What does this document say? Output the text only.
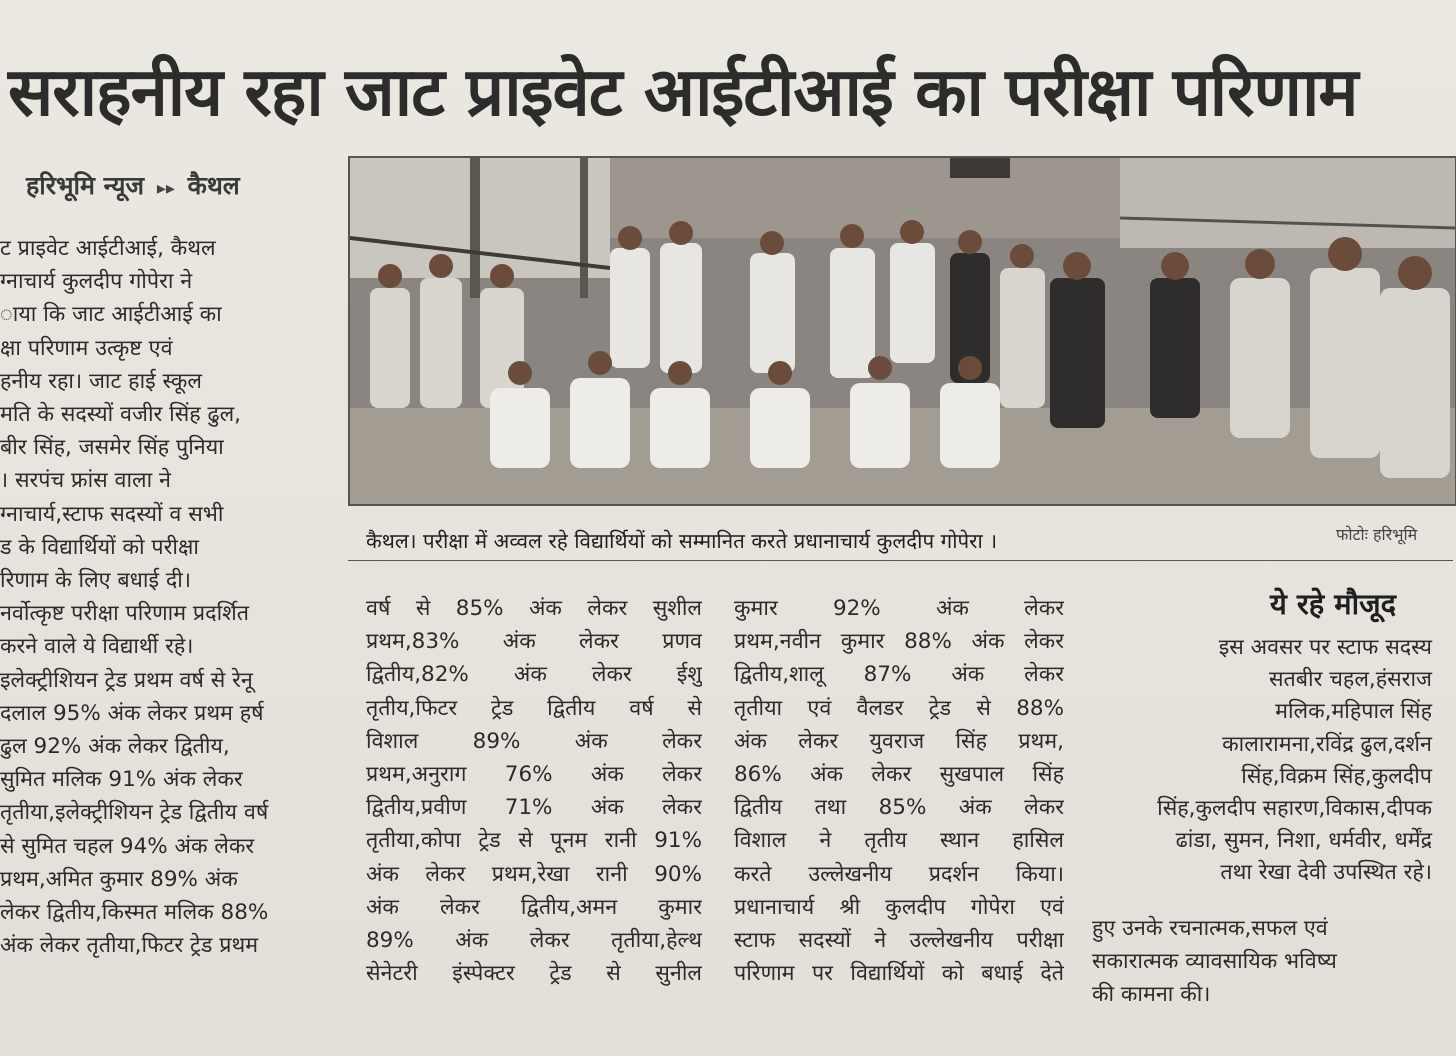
सराहनीय रहा जाट प्राइवेट आईटीआई का परीक्षा परिणाम
हरिभूमि न्यूज ▸▸ कैथल
कैथल। परीक्षा में अव्वल रहे विद्यार्थियों को सम्मानित करते प्रधानाचार्य कुलदीप गोपेरा ।	फोटोः हरिभूमि
ट प्राइवेट आईटीआई, कैथल
ग्नाचार्य कुलदीप गोपेरा ने
ाया कि जाट आईटीआई का
क्षा परिणाम उत्कृष्ट एवं
हनीय रहा। जाट हाई स्कूल
मति के सदस्यों वजीर सिंह ढुल,
बीर सिंह, जसमेर सिंह पुनिया
। सरपंच फ्रांस वाला ने
ग्नाचार्य,स्टाफ सदस्यों व सभी
ड के विद्यार्थियों को परीक्षा
रिणाम के लिए बधाई दी।
नर्वोत्कृष्ट परीक्षा परिणाम प्रदर्शित
करने वाले ये विद्यार्थी रहे।
इलेक्ट्रीशियन ट्रेड प्रथम वर्ष से रेनू
दलाल 95% अंक लेकर प्रथम हर्ष
ढुल 92% अंक लेकर द्वितीय,
सुमित मलिक 91% अंक लेकर
तृतीया,इलेक्ट्रीशियन ट्रेड द्वितीय वर्ष
से सुमित चहल 94% अंक लेकर
प्रथम,अमित कुमार 89% अंक
लेकर द्वितीय,किस्मत मलिक 88%
अंक लेकर तृतीया,फिटर ट्रेड प्रथम
वर्ष से 85% अंक लेकर सुशील
प्रथम,83% अंक लेकर प्रणव
द्वितीय,82% अंक लेकर ईशु
तृतीय,फिटर ट्रेड द्वितीय वर्ष से
विशाल 89% अंक लेकर
प्रथम,अनुराग 76% अंक लेकर
द्वितीय,प्रवीण 71% अंक लेकर
तृतीया,कोपा ट्रेड से पूनम रानी 91%
अंक लेकर प्रथम,रेखा रानी 90%
अंक लेकर द्वितीय,अमन कुमार
89% अंक लेकर तृतीया,हेल्थ
सेनेटरी इंस्पेक्टर ट्रेड से सुनील
कुमार 92% अंक लेकर
प्रथम,नवीन कुमार 88% अंक लेकर
द्वितीय,शालू 87% अंक लेकर
तृतीया एवं वैलडर ट्रेड से 88%
अंक लेकर युवराज सिंह प्रथम,
86% अंक लेकर सुखपाल सिंह
द्वितीय तथा 85% अंक लेकर
विशाल ने तृतीय स्थान हासिल
करते उल्लेखनीय प्रदर्शन किया।
प्रधानाचार्य श्री कुलदीप गोपेरा एवं
स्टाफ सदस्यों ने उल्लेखनीय परीक्षा
परिणाम पर विद्यार्थियों को बधाई देते
ये रहे मौजूद
इस अवसर पर स्टाफ सदस्य
सतबीर चहल,हंसराज
मलिक,महिपाल सिंह
कालारामना,रविंद्र ढुल,दर्शन
सिंह,विक्रम सिंह,कुलदीप
सिंह,कुलदीप सहारण,विकास,दीपक
ढांडा, सुमन, निशा, धर्मवीर, धर्मेंद्र
तथा रेखा देवी उपस्थित रहे।
हुए उनके रचनात्मक,सफल एवं
सकारात्मक व्यावसायिक भविष्य
की कामना की।
